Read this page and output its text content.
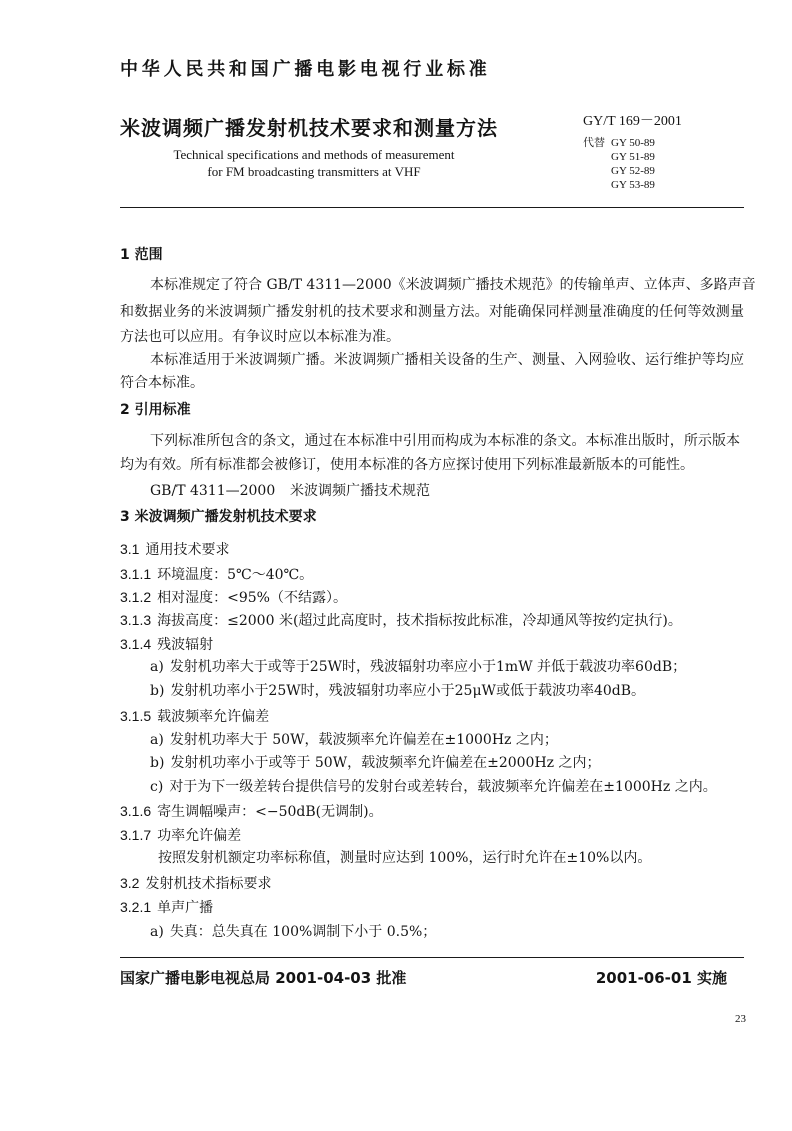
中华人民共和国广播电影电视行业标准
米波调频广播发射机技术要求和测量方法
Technical specifications and methods of measurement
for FM broadcasting transmitters at VHF
GY/T 169－2001
代替 GY 50-89
GY 51-89
GY 52-89
GY 53-89
1 范围
本标准规定了符合 GB/T 4311—2000《米波调频广播技术规范》的传输单声、立体声、多路声音
和数据业务的米波调频广播发射机的技术要求和测量方法。对能确保同样测量准确度的任何等效测量
方法也可以应用。有争议时应以本标准为准。
本标准适用于米波调频广播。米波调频广播相关设备的生产、测量、入网验收、运行维护等均应
符合本标准。
2 引用标准
下列标准所包含的条文，通过在本标准中引用而构成为本标准的条文。本标准出版时，所示版本
均为有效。所有标准都会被修订，使用本标准的各方应探讨使用下列标准最新版本的可能性。
GB/T 4311—2000 米波调频广播技术规范
3 米波调频广播发射机技术要求
3.1 通用技术要求
3.1.1 环境温度：5℃～40℃。
3.1.2 相对湿度：<95%（不结露）。
3.1.3 海拔高度：≤2000 米(超过此高度时，技术指标按此标准，冷却通风等按约定执行)。
3.1.4 残波辐射
a) 发射机功率大于或等于25W时，残波辐射功率应小于1mW 并低于载波功率60dB；
b) 发射机功率小于25W时，残波辐射功率应小于25μW或低于载波功率40dB。
3.1.5 载波频率允许偏差
a) 发射机功率大于 50W，载波频率允许偏差在±1000Hz 之内；
b) 发射机功率小于或等于 50W，载波频率允许偏差在±2000Hz 之内；
c) 对于为下一级差转台提供信号的发射台或差转台，载波频率允许偏差在±1000Hz 之内。
3.1.6 寄生调幅噪声：<−50dB(无调制)。
3.1.7 功率允许偏差
按照发射机额定功率标称值，测量时应达到 100%，运行时允许在±10%以内。
3.2 发射机技术指标要求
3.2.1 单声广播
a) 失真：总失真在 100%调制下小于 0.5%；
国家广播电影电视总局 2001-04-03 批准	2001-06-01 实施
23
